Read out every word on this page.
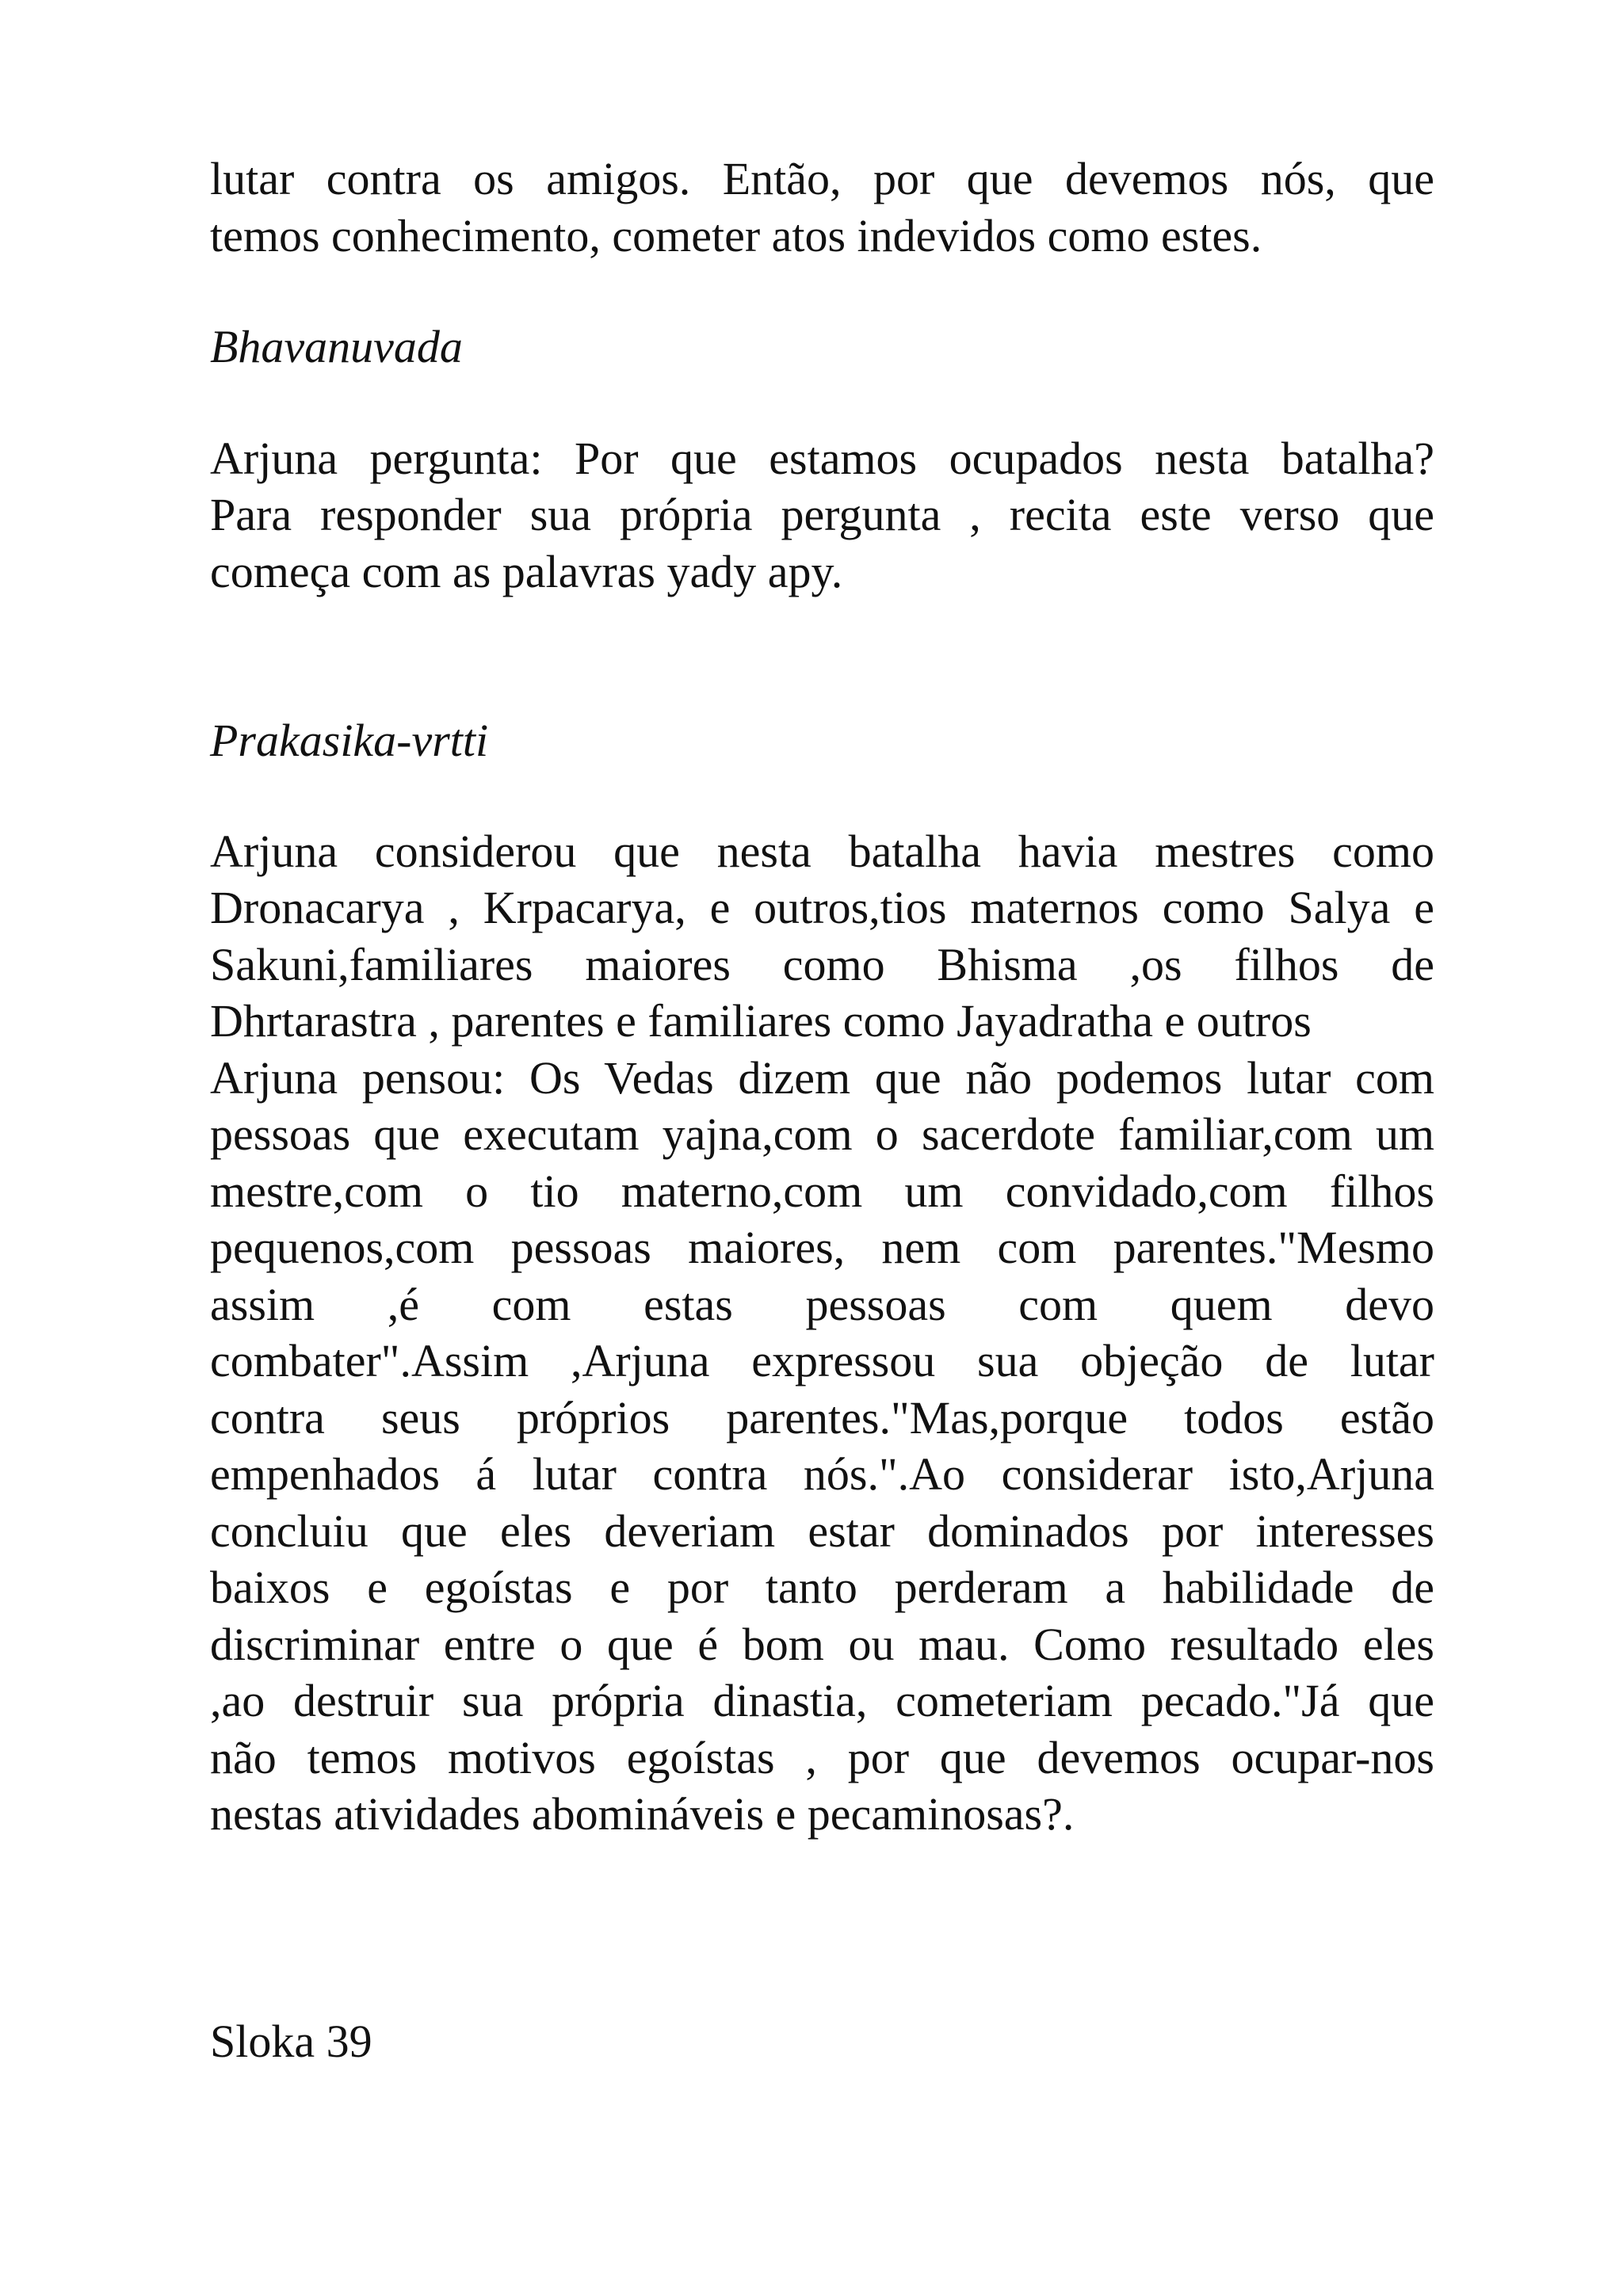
lutar contra os amigos. Então, por que devemos nós, que
temos conhecimento, cometer atos indevidos como estes.

Bhavanuvada

Arjuna pergunta: Por que estamos ocupados nesta batalha?
Para responder sua própria pergunta , recita este verso que
começa com as palavras yady apy.

Prakasika-vrtti

Arjuna considerou que nesta batalha havia mestres como
Dronacarya , Krpacarya, e outros,tios maternos como Salya e
Sakuni,familiares maiores como Bhisma ,os filhos de
Dhrtarastra , parentes e familiares como Jayadratha e outros

Arjuna pensou: Os Vedas dizem que não podemos lutar com
pessoas que executam yajna,com o sacerdote familiar,com um
mestre,com o tio materno,com um convidado,com filhos
pequenos,com pessoas maiores, nem com parentes."Mesmo
assim ,é com estas pessoas com quem devo
combater".Assim ,Arjuna expressou sua objeção de lutar
contra seus próprios parentes."Mas,porque todos estão
empenhados á lutar contra nós.".Ao considerar isto,Arjuna
concluiu que eles deveriam estar dominados por interesses
baixos e egoístas e por tanto perderam a habilidade de
discriminar entre o que é bom ou mau. Como resultado eles
,ao destruir sua própria dinastia, cometeriam pecado."Já que
não temos motivos egoístas , por que devemos ocupar-nos
nestas atividades abomináveis e pecaminosas?.

Sloka 39
